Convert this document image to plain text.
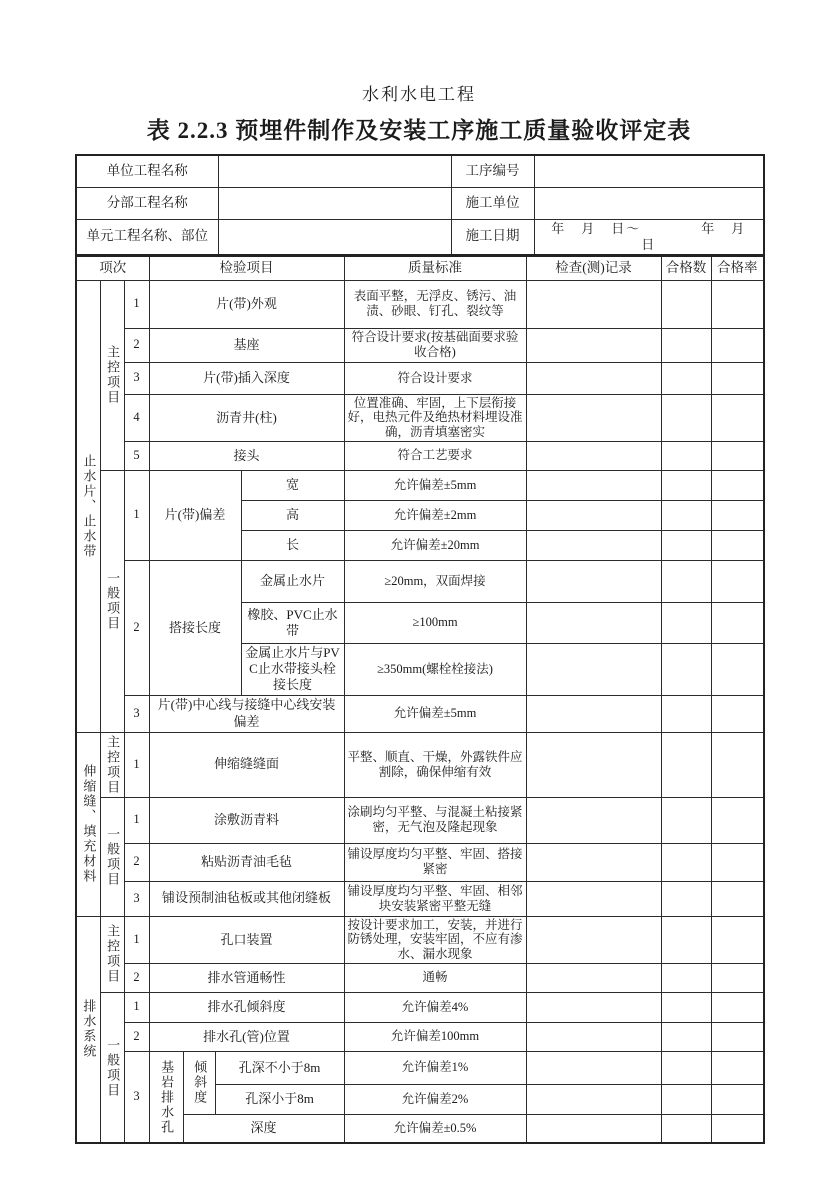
水利水电工程
表 2.2.3 预埋件制作及安装工序施工质量验收评定表
单位工程名称		工序编号	
分部工程名称		施工单位	
单元工程名称、部位		施工日期	年　月　日～　　　　年　月　日
项次			检验项目				质量标准	检查(测)记录	合格数	合格率
止水片、止水带	主控项目	1	片(带)外观				表面平整，无浮皮、锈污、油渍、砂眼、钉孔、裂纹等			
		2	基座				符合设计要求(按基础面要求验收合格)			
		3	片(带)插入深度				符合设计要求			
		4	沥青井(柱)				位置准确、牢固，上下层衔接好，电热元件及绝热材料埋设准确，沥青填塞密实			
		5	接头				符合工艺要求			
	一般项目	1	片(带)偏差			宽	允许偏差±5mm			
						高	允许偏差±2mm			
						长	允许偏差±20mm			
		2	搭接长度			金属止水片	≥20mm，双面焊接			
						橡胶、PVC止水带	≥100mm			
						金属止水片与PVC止水带接头栓接长度	≥350mm(螺栓栓接法)			
		3	片(带)中心线与接缝中心线安装偏差				允许偏差±5mm			
伸缩缝、填充材料	主控项目	1	伸缩缝缝面				平整、顺直、干燥，外露铁件应割除，确保伸缩有效			
	一般项目	1	涂敷沥青料				涂刷均匀平整、与混凝土粘接紧密，无气泡及隆起现象			
		2	粘贴沥青油毛毡				铺设厚度均匀平整、牢固、搭接紧密			
		3	铺设预制油毡板或其他闭缝板				铺设厚度均匀平整、牢固、相邻块安装紧密平整无缝			
排水系统	主控项目	1	孔口装置				按设计要求加工，安装，并进行防锈处理，安装牢固，不应有渗水、漏水现象			
		2	排水管通畅性				通畅			
	一般项目	1	排水孔倾斜度				允许偏差4%			
		2	排水孔(管)位置				允许偏差100mm			
		3	基岩排水孔	倾斜度	孔深不小于8m		允许偏差1%			
					孔深小于8m		允许偏差2%			
				深度			允许偏差±0.5%			
